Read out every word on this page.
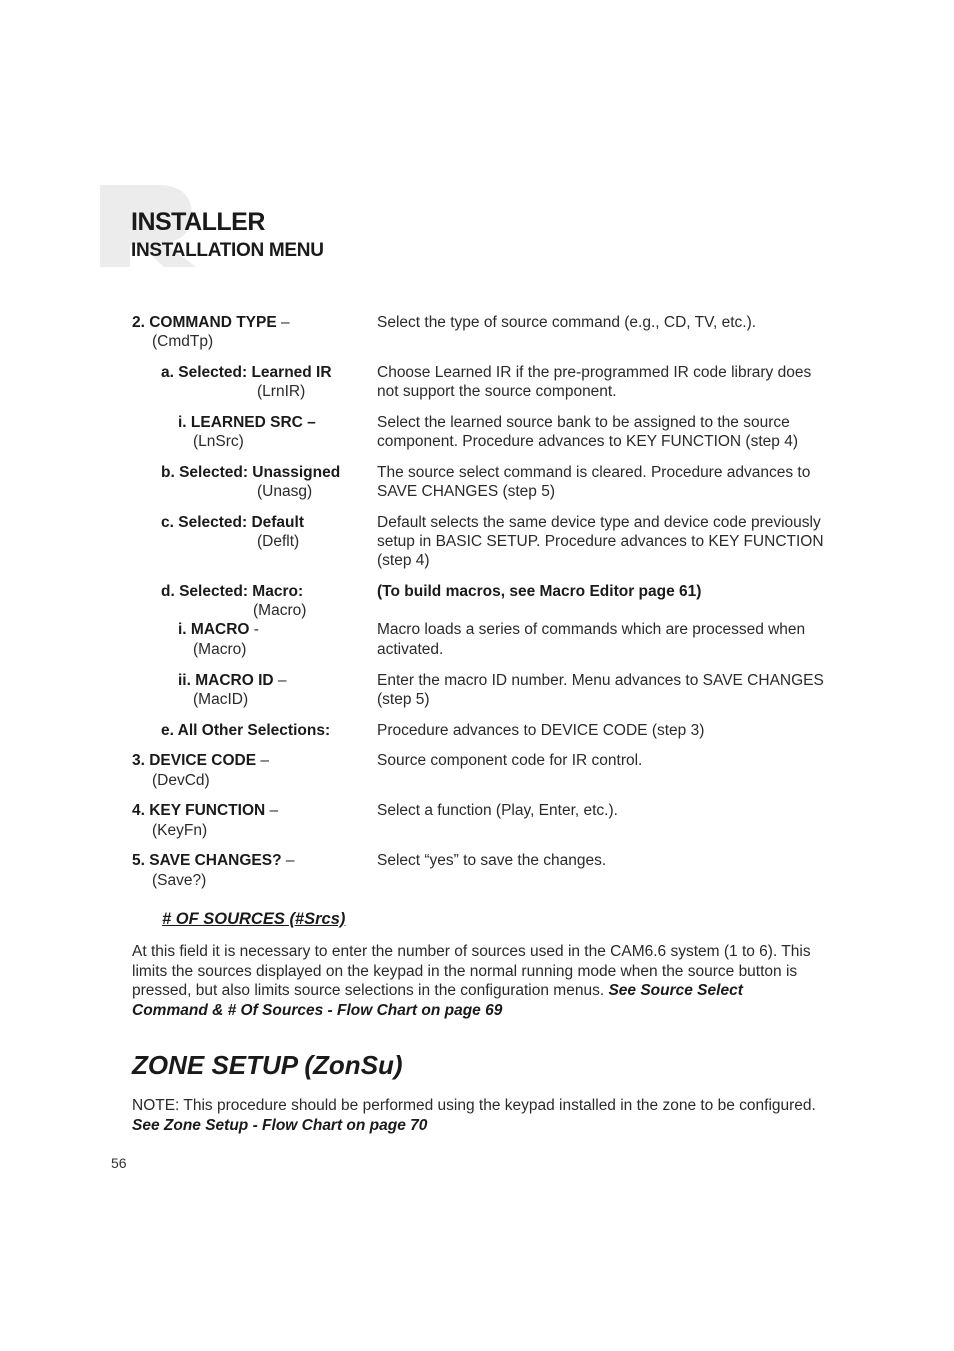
INSTALLER
INSTALLATION MENU
2. COMMAND TYPE –
(CmdTp)
Select the type of source command (e.g., CD, TV, etc.).
a. Selected: Learned IR
(LrnIR)
Choose Learned IR if the pre-programmed IR code library does
not support the source component.
i. LEARNED SRC –
(LnSrc)
Select the learned source bank to be assigned to the source
component. Procedure advances to KEY FUNCTION (step 4)
b. Selected: Unassigned
(Unasg)
The source select command is cleared. Procedure advances to
SAVE CHANGES (step 5)
c. Selected: Default
(Deflt)
Default selects the same device type and device code previously
setup in BASIC SETUP. Procedure advances to KEY FUNCTION
(step 4)
d. Selected: Macro:
(Macro)
(To build macros, see Macro Editor page 61)
i. MACRO -
(Macro)
Macro loads a series of commands which are processed when
activated.
ii. MACRO ID –
(MacID)
Enter the macro ID number. Menu advances to SAVE CHANGES
(step 5)
e. All Other Selections:	Procedure advances to DEVICE CODE (step 3)
3. DEVICE CODE –
(DevCd)
Source component code for IR control.
4. KEY FUNCTION –
(KeyFn)
Select a function (Play, Enter, etc.).
5. SAVE CHANGES? –
(Save?)
Select “yes” to save the changes.
# OF SOURCES (#Srcs)
At this field it is necessary to enter the number of sources used in the CAM6.6 system (1 to 6). This
limits the sources displayed on the keypad in the normal running mode when the source button is
pressed, but also limits source selections in the configuration menus. See Source Select
Command & # Of Sources - Flow Chart on page 69
ZONE SETUP (ZonSu)
NOTE: This procedure should be performed using the keypad installed in the zone to be configured.
See Zone Setup - Flow Chart on page 70
56
